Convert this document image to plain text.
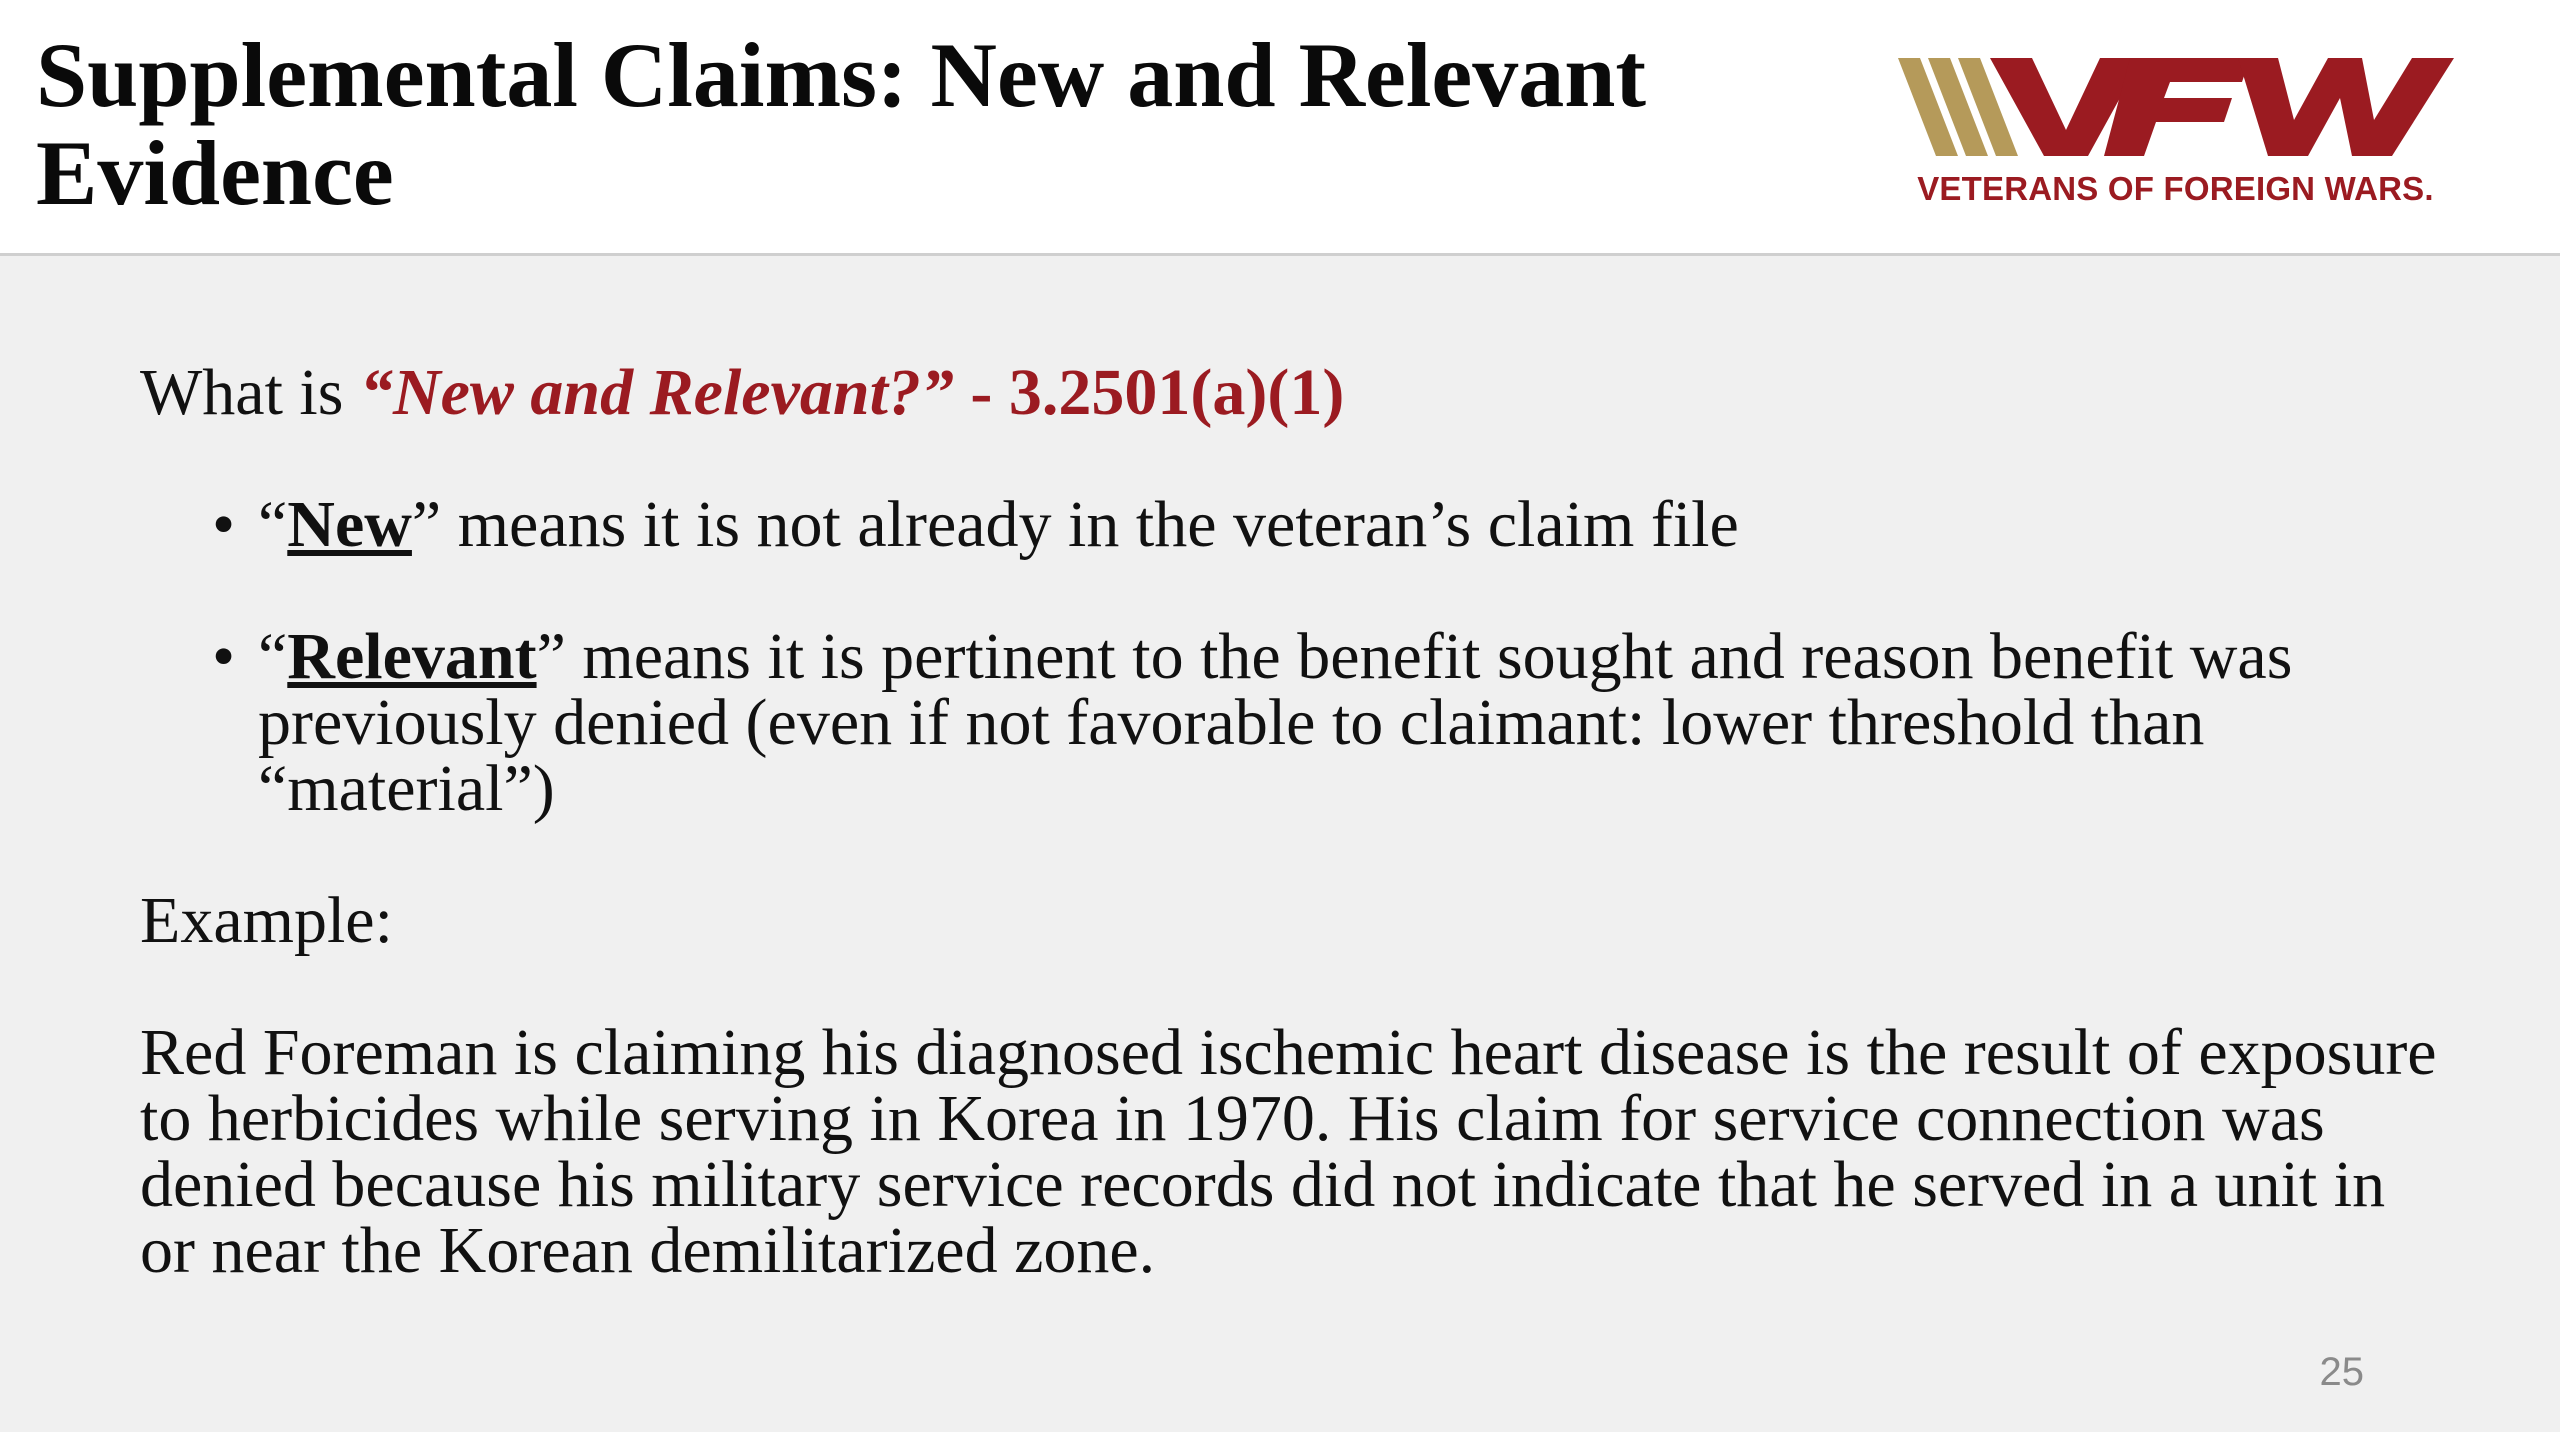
Supplemental Claims: New and Relevant Evidence	VETERANS OF FOREIGN WARS.

What is “New and Relevant?” - 3.2501(a)(1)

• “New” means it is not already in the veteran’s claim file
• “Relevant” means it is pertinent to the benefit sought and reason benefit was previously denied (even if not favorable to claimant: lower threshold than “material”)

Example:

Red Foreman is claiming his diagnosed ischemic heart disease is the result of exposure to herbicides while serving in Korea in 1970. His claim for service connection was denied because his military service records did not indicate that he served in a unit in or near the Korean demilitarized zone.

25
